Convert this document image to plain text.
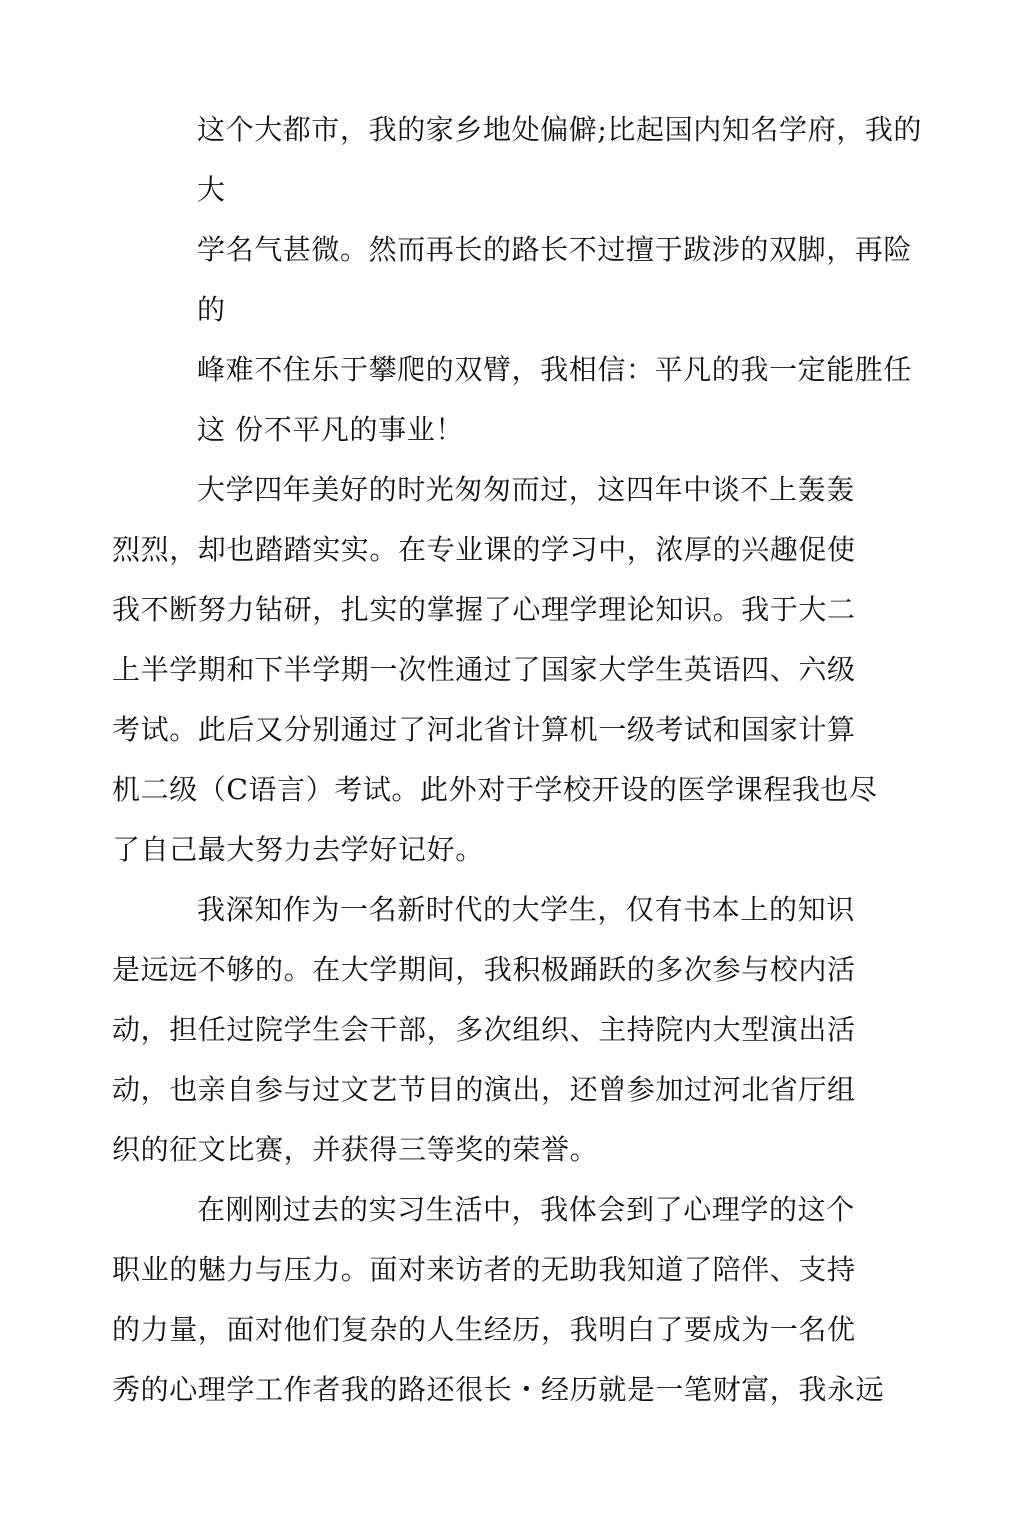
这个大都市，我的家乡地处偏僻;比起国内知名学府，我的
大
学名气甚微。然而再长的路长不过擅于跋涉的双脚，再险
的
峰难不住乐于攀爬的双臂，我相信：平凡的我一定能胜任
这 份不平凡的事业！
大学四年美好的时光匆匆而过，这四年中谈不上轰轰
烈烈，却也踏踏实实。在专业课的学习中，浓厚的兴趣促使
我不断努力钻研，扎实的掌握了心理学理论知识。我于大二
上半学期和下半学期一次性通过了国家大学生英语四、六级
考试。此后又分别通过了河北省计算机一级考试和国家计算
机二级（C语言）考试。此外对于学校开设的医学课程我也尽
了自己最大努力去学好记好。
我深知作为一名新时代的大学生，仅有书本上的知识
是远远不够的。在大学期间，我积极踊跃的多次参与校内活
动，担任过院学生会干部，多次组织、主持院内大型演出活
动，也亲自参与过文艺节目的演出，还曾参加过河北省厅组
织的征文比赛，并获得三等奖的荣誉。
在刚刚过去的实习生活中，我体会到了心理学的这个
职业的魅力与压力。面对来访者的无助我知道了陪伴、支持
的力量，面对他们复杂的人生经历，我明白了要成为一名优
秀的心理学工作者我的路还很长・经历就是一笔财富，我永远
